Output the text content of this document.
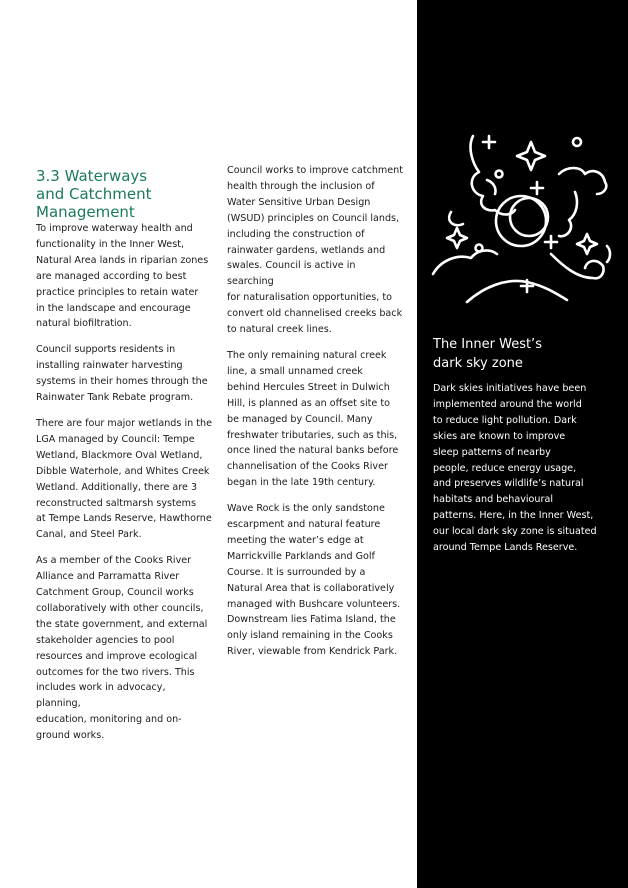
3.3 Waterways
and Catchment
Management

To improve waterway health and
functionality in the Inner West,
Natural Area lands in riparian zones
are managed according to best
practice principles to retain water
in the landscape and encourage
natural biofiltration.

Council supports residents in
installing rainwater harvesting
systems in their homes through the
Rainwater Tank Rebate program.

There are four major wetlands in the
LGA managed by Council: Tempe
Wetland, Blackmore Oval Wetland,
Dibble Waterhole, and Whites Creek
Wetland. Additionally, there are 3
reconstructed saltmarsh systems
at Tempe Lands Reserve, Hawthorne
Canal, and Steel Park.

As a member of the Cooks River
Alliance and Parramatta River
Catchment Group, Council works
collaboratively with other councils,
the state government, and external
stakeholder agencies to pool
resources and improve ecological
outcomes for the two rivers. This
includes work in advocacy, planning,
education, monitoring and on-
ground works.

Council works to improve catchment
health through the inclusion of
Water Sensitive Urban Design
(WSUD) principles on Council lands,
including the construction of
rainwater gardens, wetlands and
swales. Council is active in searching
for naturalisation opportunities, to
convert old channelised creeks back
to natural creek lines.

The only remaining natural creek
line, a small unnamed creek
behind Hercules Street in Dulwich
Hill, is planned as an offset site to
be managed by Council. Many
freshwater tributaries, such as this,
once lined the natural banks before
channelisation of the Cooks River
began in the late 19th century.

Wave Rock is the only sandstone
escarpment and natural feature
meeting the water’s edge at
Marrickville Parklands and Golf
Course. It is surrounded by a
Natural Area that is collaboratively
managed with Bushcare volunteers.
Downstream lies Fatima Island, the
only island remaining in the Cooks
River, viewable from Kendrick Park.

The Inner West’s
dark sky zone
Dark skies initiatives have been
implemented around the world
to reduce light pollution. Dark
skies are known to improve
sleep patterns of nearby
people, reduce energy usage,
and preserves wildlife’s natural
habitats and behavioural
patterns. Here, in the Inner West,
our local dark sky zone is situated
around Tempe Lands Reserve.
